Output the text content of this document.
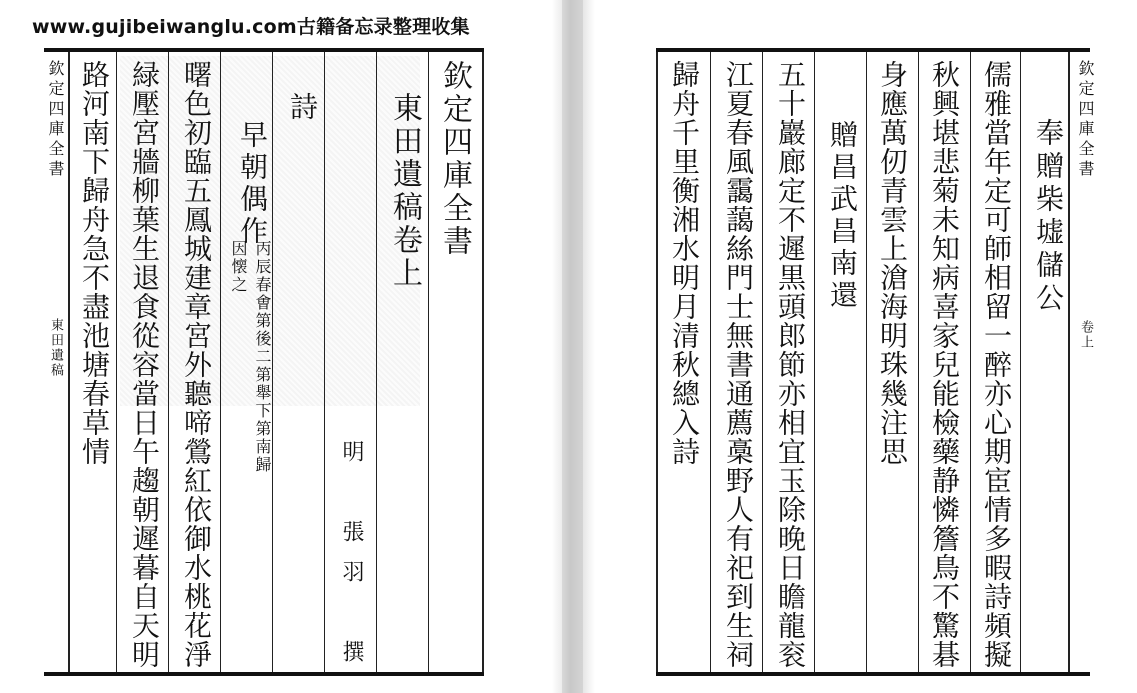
www.gujibeiwanglu.com古籍备忘录整理收集
欽定四庫全書
東田遺稿
欽定四庫全書
東田遺稿卷上
明　張羽　撰
詩
早朝偶作
丙辰春㑹第後二第舉下第南歸因懐之
曙色初臨五鳳城建章宮外聽啼鶯紅依御水桃花淨
緑壓宮牆柳葉生退食從容當日午趨朝遲暮自天明
路河南下歸舟急不盡池塘春草情	欽定四庫全書
卷上
奉贈柴墟儲公
儒雅當年定可師相留一醉亦心期宦情多暇詩頻擬
秋興堪悲菊未知病喜家兒能檢藥静憐簷鳥不驚碁
身應萬仞青雲上滄海明珠幾注思
贈昌武昌南還
五十巖廊定不遲黒頭郎節亦相宜玉除晚日瞻龍衮
江夏春風靄藹絲門士無書通薦槀野人有祀到生祠
歸舟千里衡湘水明月清秋總入詩
